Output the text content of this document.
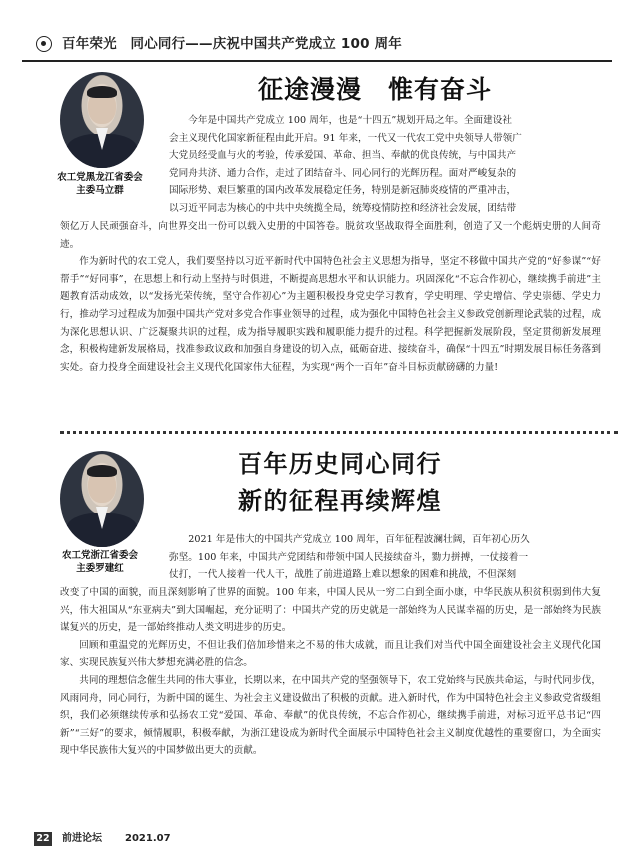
百年荣光　同心同行——庆祝中国共产党成立 100 周年
农工党黑龙江省委会
主委马立群
征途漫漫　惟有奋斗
今年是中国共产党成立 100 周年，也是“十四五”规划开局之年。全面建设社
会主义现代化国家新征程由此开启。91 年来，一代又一代农工党中央领导人带领广
大党员经受血与火的考验，传承爱国、革命、担当、奉献的优良传统，与中国共产
党同舟共济、通力合作，走过了团结奋斗、同心同行的光辉历程。面对严峻复杂的
国际形势、艰巨繁重的国内改革发展稳定任务，特别是新冠肺炎疫情的严重冲击，
以习近平同志为核心的中共中央统揽全局，统筹疫情防控和经济社会发展，团结带
领亿万人民顽强奋斗，向世界交出一份可以载入史册的中国答卷。脱贫攻坚战取得全面胜利，创造了又一个彪炳史册的人间奇迹。

作为新时代的农工党人，我们要坚持以习近平新时代中国特色社会主义思想为指导，坚定不移做中国共产党的“好参谋”“好帮手”“好同事”，在思想上和行动上坚持与时俱进，不断提高思想水平和认识能力。巩固深化“不忘合作初心，继续携手前进”主题教育活动成效，以“发扬光荣传统，坚守合作初心”为主题积极投身党史学习教育，学史明理、学史增信、学史崇德、学史力行，推动学习过程成为加强中国共产党对多党合作事业领导的过程，成为强化中国特色社会主义参政党创新理论武装的过程，成为深化思想认识、广泛凝聚共识的过程，成为指导履职实践和履职能力提升的过程。科学把握新发展阶段，坚定贯彻新发展理念，积极构建新发展格局，找准参政议政和加强自身建设的切入点，砥砺奋进、接续奋斗，确保“十四五”时期发展目标任务落到实处。奋力投身全面建设社会主义现代化国家伟大征程，为实现“两个一百年”奋斗目标贡献磅礴的力量!

农工党浙江省委会
主委罗建红
百年历史同心同行
新的征程再续辉煌
2021 年是伟大的中国共产党成立 100 周年，百年征程波澜壮阔，百年初心历久
弥坚。100 年来，中国共产党团结和带领中国人民接续奋斗，勠力拼搏，一仗接着一
仗打，一代人接着一代人干，战胜了前进道路上难以想象的困难和挑战，不但深刻
改变了中国的面貌，而且深刻影响了世界的面貌。100 年来，中国人民从一穷二白到全面小康，中华民族从积贫积弱到伟大复兴，伟大祖国从“东亚病夫”到大国崛起，充分证明了：中国共产党的历史就是一部始终为人民谋幸福的历史，是一部始终为民族谋复兴的历史，是一部始终推动人类文明进步的历史。

回顾和重温党的光辉历史，不但让我们倍加珍惜来之不易的伟大成就，而且让我们对当代中国全面建设社会主义现代化国家、实现民族复兴伟大梦想充满必胜的信念。

共同的理想信念催生共同的伟大事业，长期以来，在中国共产党的坚强领导下，农工党始终与民族共命运，与时代同步伐，风雨同舟，同心同行，为新中国的诞生、为社会主义建设做出了积极的贡献。进入新时代，作为中国特色社会主义参政党省级组织，我们必须继续传承和弘扬农工党“爱国、革命、奉献”的优良传统，不忘合作初心，继续携手前进，对标习近平总书记“四新”“三好”的要求，倾情履职，积极奉献，为浙江建设成为新时代全面展示中国特色社会主义制度优越性的重要窗口，为全面实现中华民族伟大复兴的中国梦做出更大的贡献。

22 前进论坛 2021.07
